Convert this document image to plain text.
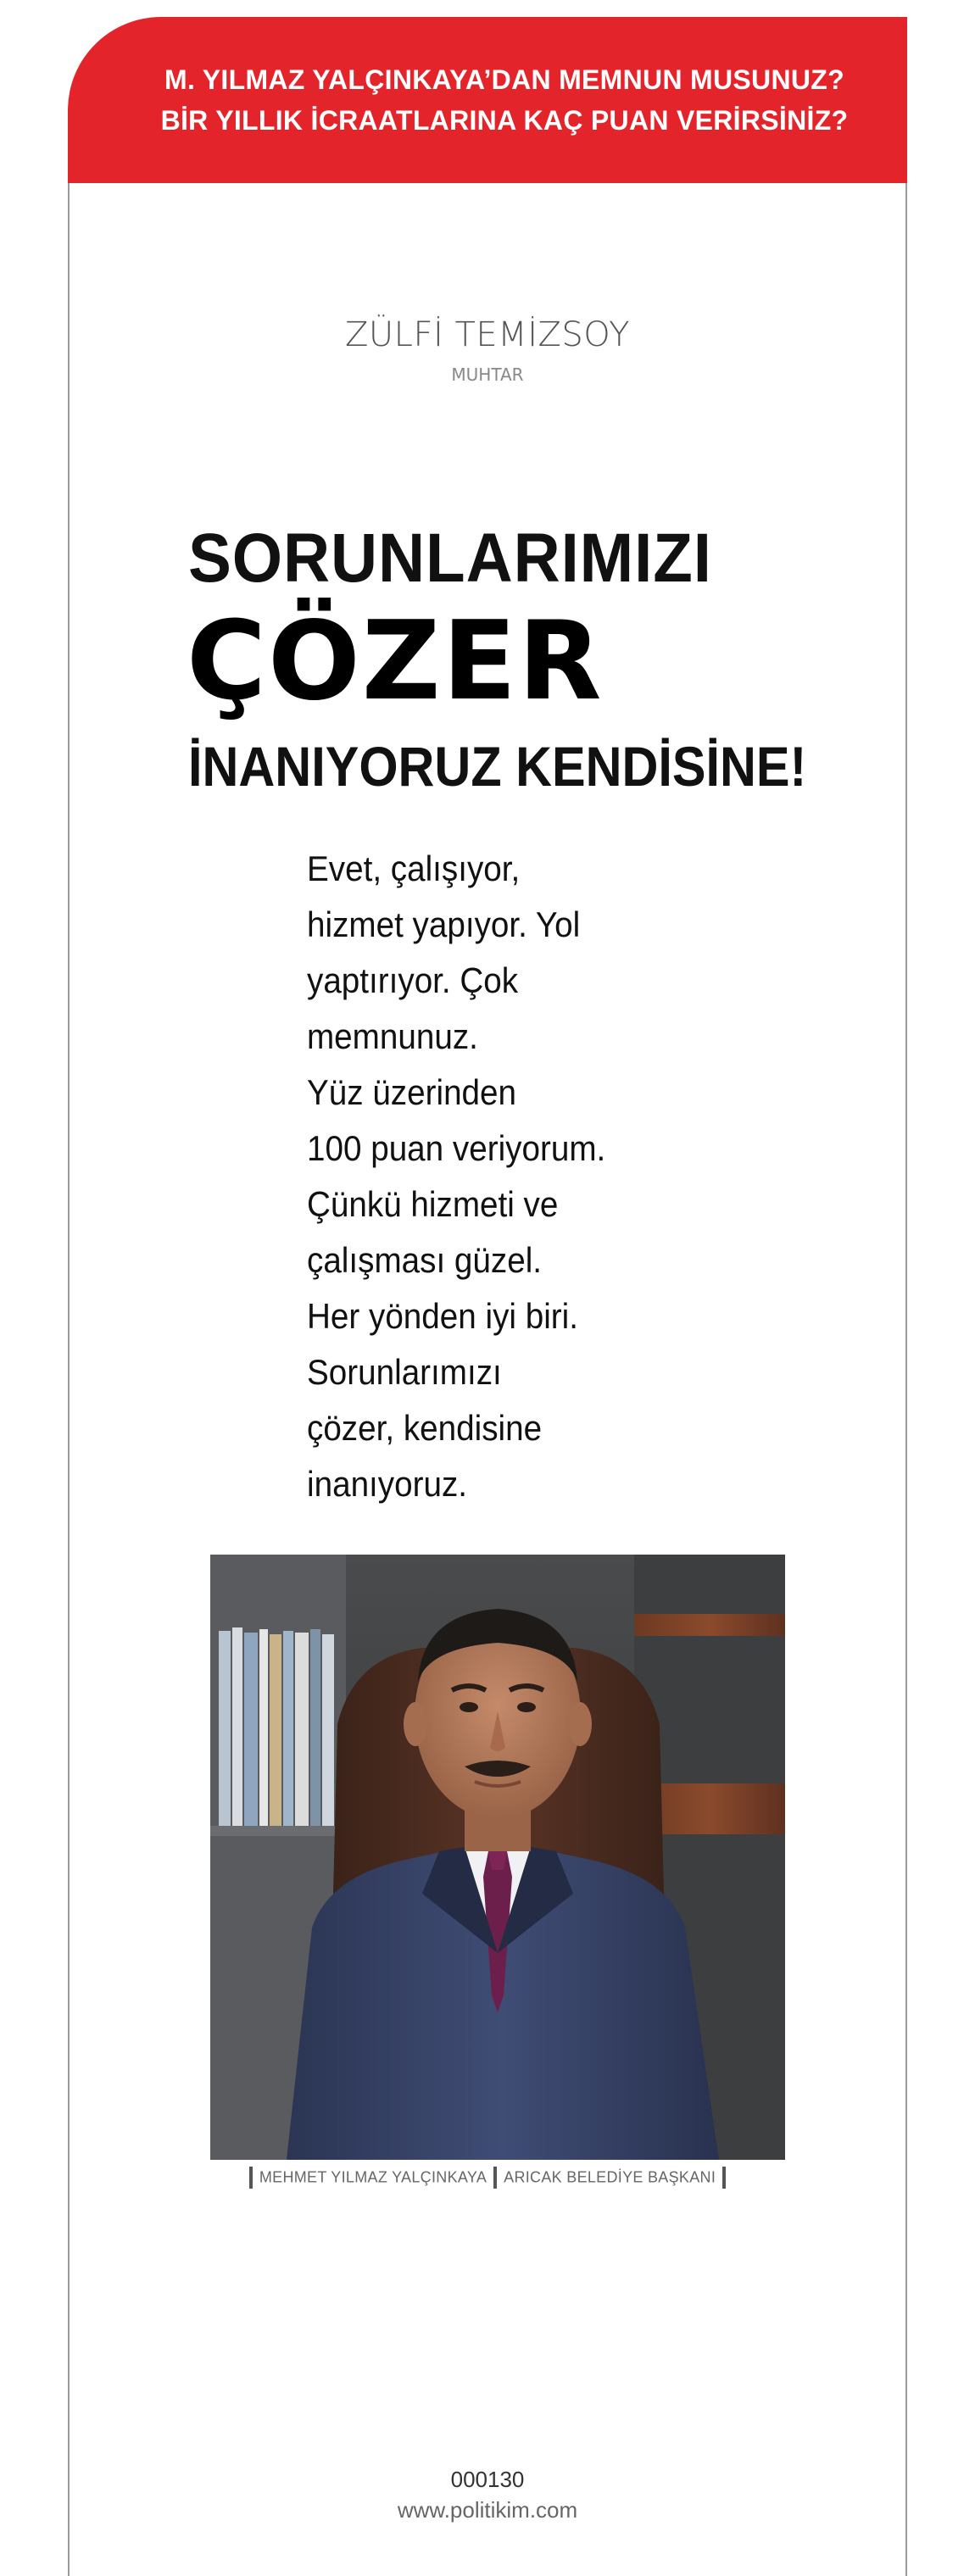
M. YILMAZ YALÇINKAYA’DAN MEMNUN MUSUNUZ?
BİR YILLIK İCRAATLARINA KAÇ PUAN VERİRSİNİZ?
ZÜLFİ TEMİZSOY
MUHTAR
SORUNLARIMIZI
ÇÖZER
İNANIYORUZ KENDİSİNE!
Evet, çalışıyor,
hizmet yapıyor. Yol
yaptırıyor. Çok
memnunuz.
Yüz üzerinden
100 puan veriyorum.
Çünkü hizmeti ve
çalışması güzel.
Her yönden iyi biri.
Sorunlarımızı
çözer, kendisine
inanıyoruz.
MEHMET YILMAZ YALÇINKAYA ARICAK BELEDİYE BAŞKANI
000130
www.politikim.com
